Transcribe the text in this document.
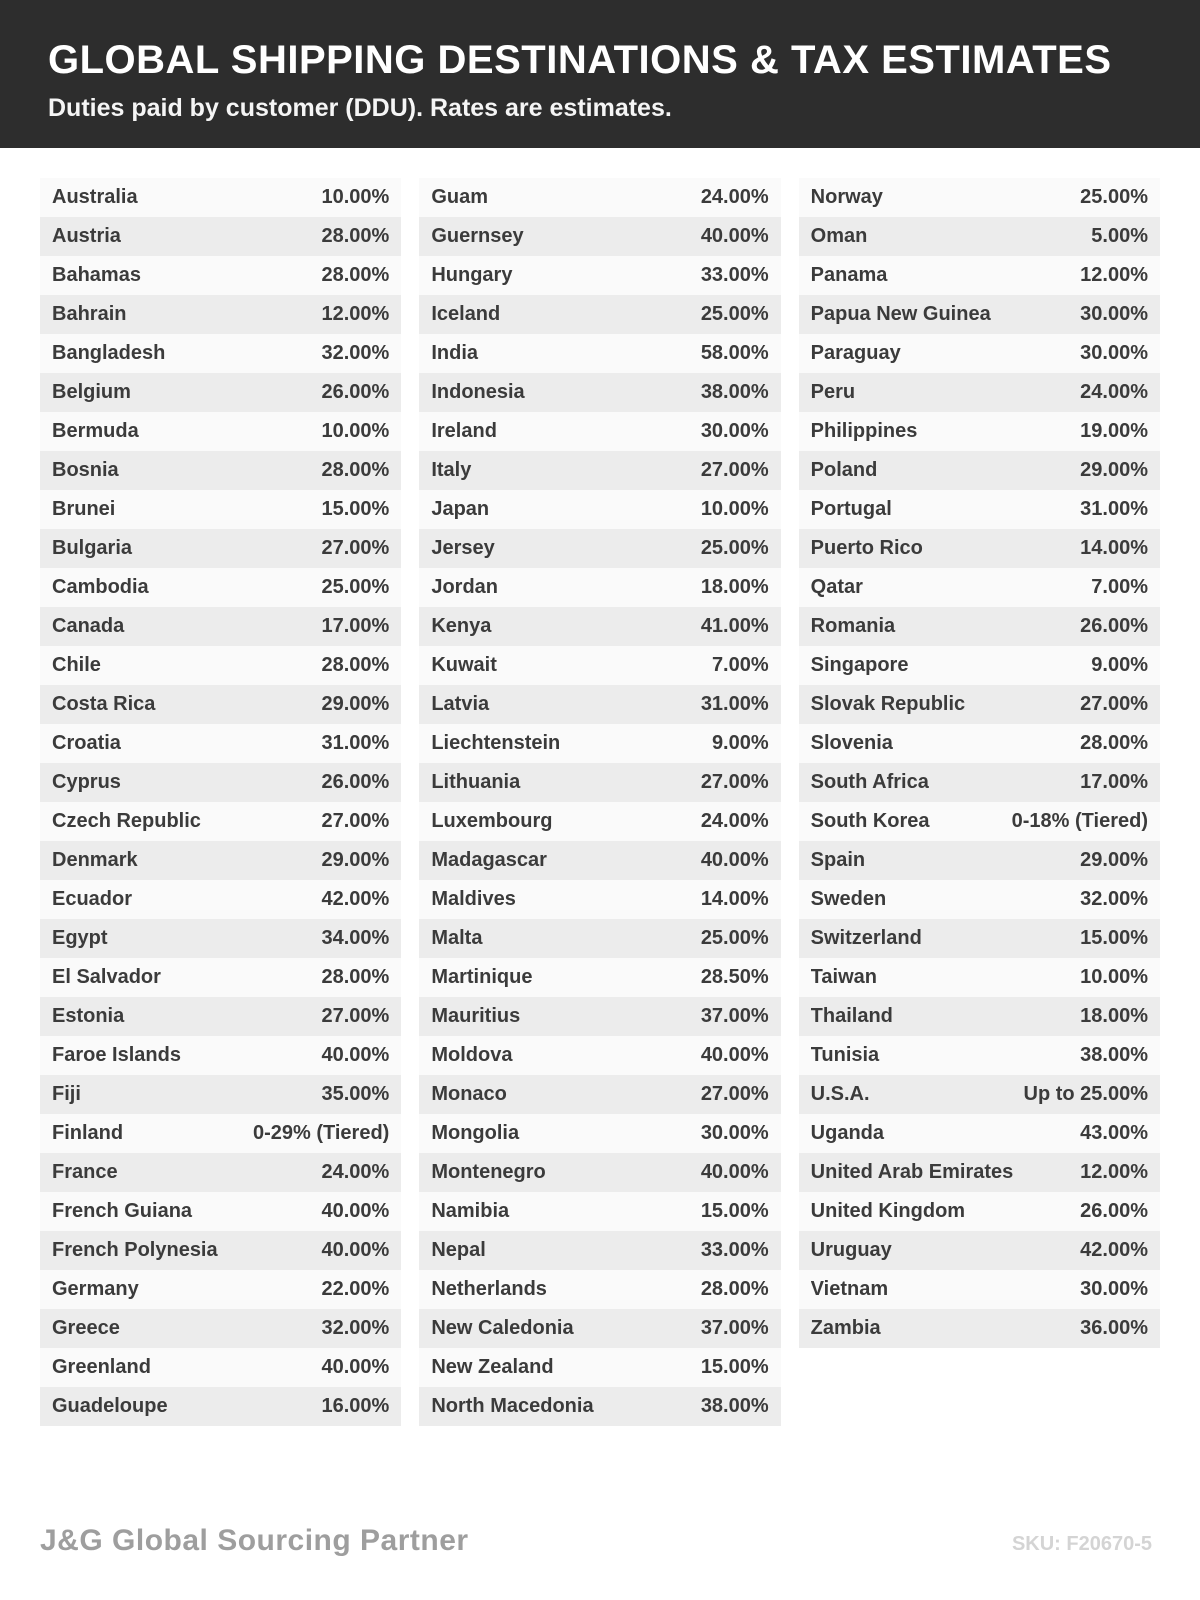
GLOBAL SHIPPING DESTINATIONS & TAX ESTIMATES

Duties paid by customer (DDU). Rates are estimates.

Australia	10.00%
Austria	28.00%
Bahamas	28.00%
Bahrain	12.00%
Bangladesh	32.00%
Belgium	26.00%
Bermuda	10.00%
Bosnia	28.00%
Brunei	15.00%
Bulgaria	27.00%
Cambodia	25.00%
Canada	17.00%
Chile	28.00%
Costa Rica	29.00%
Croatia	31.00%
Cyprus	26.00%
Czech Republic	27.00%
Denmark	29.00%
Ecuador	42.00%
Egypt	34.00%
El Salvador	28.00%
Estonia	27.00%
Faroe Islands	40.00%
Fiji	35.00%
Finland	0-29% (Tiered)
France	24.00%
French Guiana	40.00%
French Polynesia	40.00%
Germany	22.00%
Greece	32.00%
Greenland	40.00%
Guadeloupe	16.00%
Guam	24.00%
Guernsey	40.00%
Hungary	33.00%
Iceland	25.00%
India	58.00%
Indonesia	38.00%
Ireland	30.00%
Italy	27.00%
Japan	10.00%
Jersey	25.00%
Jordan	18.00%
Kenya	41.00%
Kuwait	7.00%
Latvia	31.00%
Liechtenstein	9.00%
Lithuania	27.00%
Luxembourg	24.00%
Madagascar	40.00%
Maldives	14.00%
Malta	25.00%
Martinique	28.50%
Mauritius	37.00%
Moldova	40.00%
Monaco	27.00%
Mongolia	30.00%
Montenegro	40.00%
Namibia	15.00%
Nepal	33.00%
Netherlands	28.00%
New Caledonia	37.00%
New Zealand	15.00%
North Macedonia	38.00%
Norway	25.00%
Oman	5.00%
Panama	12.00%
Papua New Guinea	30.00%
Paraguay	30.00%
Peru	24.00%
Philippines	19.00%
Poland	29.00%
Portugal	31.00%
Puerto Rico	14.00%
Qatar	7.00%
Romania	26.00%
Singapore	9.00%
Slovak Republic	27.00%
Slovenia	28.00%
South Africa	17.00%
South Korea	0-18% (Tiered)
Spain	29.00%
Sweden	32.00%
Switzerland	15.00%
Taiwan	10.00%
Thailand	18.00%
Tunisia	38.00%
U.S.A.	Up to 25.00%
Uganda	43.00%
United Arab Emirates	12.00%
United Kingdom	26.00%
Uruguay	42.00%
Vietnam	30.00%
Zambia	36.00%
J&G Global Sourcing Partner	SKU: F20670-5
